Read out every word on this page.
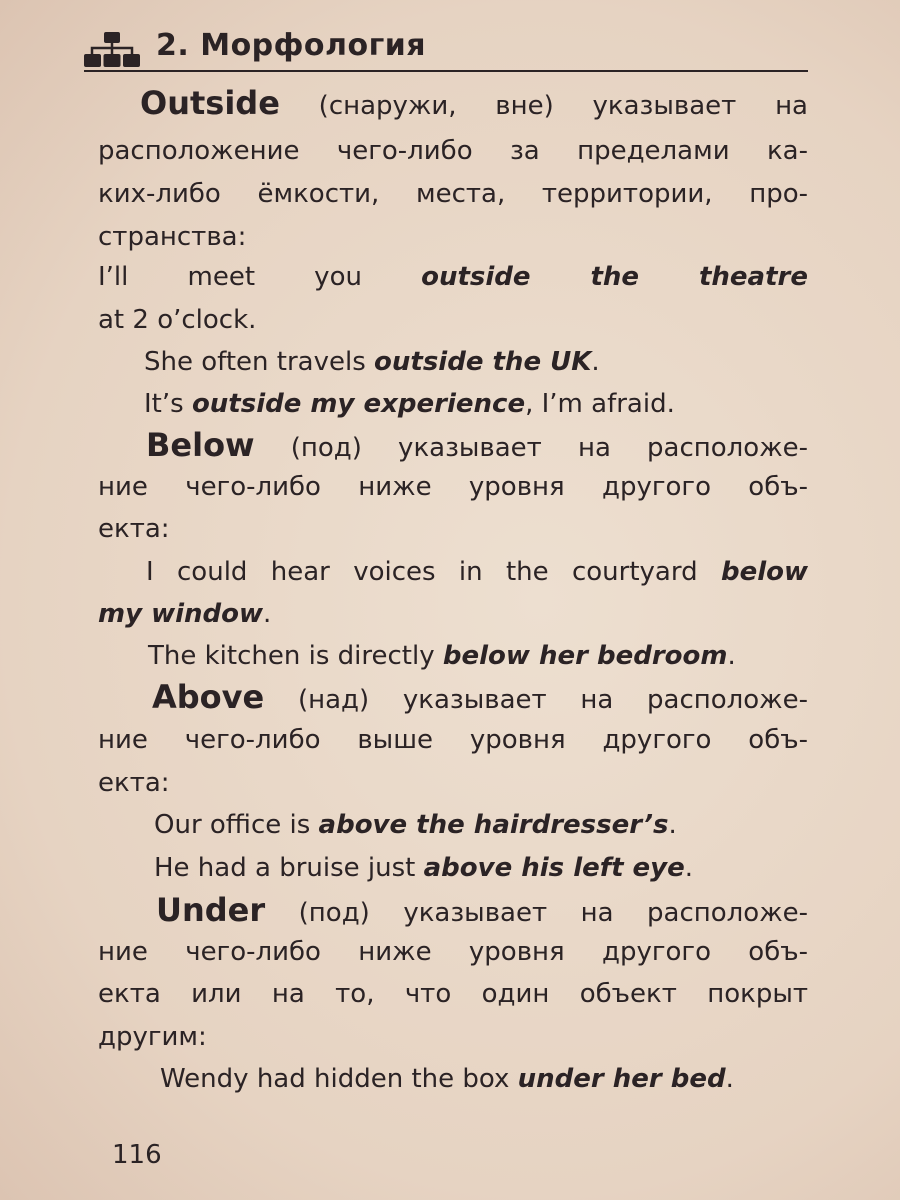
2. Морфология
Outside (снаружи, вне) указывает на
расположение чего-либо за пределами ка-
ких-либо ёмкости, места, территории, про-
странства:
I’ll meet you outside the theatre
at 2 o’clock.
She often travels outside the UK.
It’s outside my experience, I’m afraid.
Below (под) указывает на расположе-
ние чего-либо ниже уровня другого объ-
екта:
I could hear voices in the courtyard below
my window.
The kitchen is directly below her bedroom.
Above (над) указывает на расположе-
ние чего-либо выше уровня другого объ-
екта:
Our office is above the hairdresser’s.
He had a bruise just above his left eye.
Under (под) указывает на расположе-
ние чего-либо ниже уровня другого объ-
екта или на то, что один объект покрыт
другим:
Wendy had hidden the box under her bed.
116
